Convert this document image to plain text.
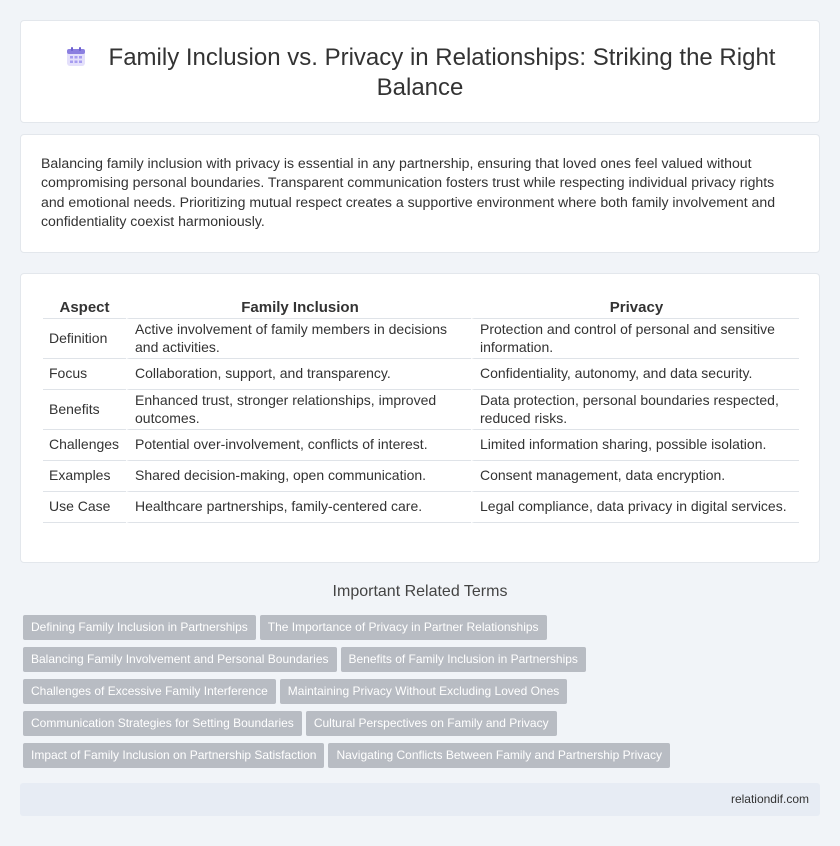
Family Inclusion vs. Privacy in Relationships: Striking the Right Balance

Balancing family inclusion with privacy is essential in any partnership, ensuring that loved ones feel valued without compromising personal boundaries. Transparent communication fosters trust while respecting individual privacy rights and emotional needs. Prioritizing mutual respect creates a supportive environment where both family involvement and confidentiality coexist harmoniously.

Aspect	Family Inclusion	Privacy
Definition	Active involvement of family members in decisions and activities.	Protection and control of personal and sensitive information.
Focus	Collaboration, support, and transparency.	Confidentiality, autonomy, and data security.
Benefits	Enhanced trust, stronger relationships, improved outcomes.	Data protection, personal boundaries respected, reduced risks.
Challenges	Potential over-involvement, conflicts of interest.	Limited information sharing, possible isolation.
Examples	Shared decision-making, open communication.	Consent management, data encryption.
Use Case	Healthcare partnerships, family-centered care.	Legal compliance, data privacy in digital services.
Important Related Terms
Defining Family Inclusion in Partnerships The Importance of Privacy in Partner Relationships
Balancing Family Involvement and Personal Boundaries Benefits of Family Inclusion in Partnerships
Challenges of Excessive Family Interference Maintaining Privacy Without Excluding Loved Ones
Communication Strategies for Setting Boundaries Cultural Perspectives on Family and Privacy
Impact of Family Inclusion on Partnership Satisfaction Navigating Conflicts Between Family and Partnership Privacy
relationdif.com
